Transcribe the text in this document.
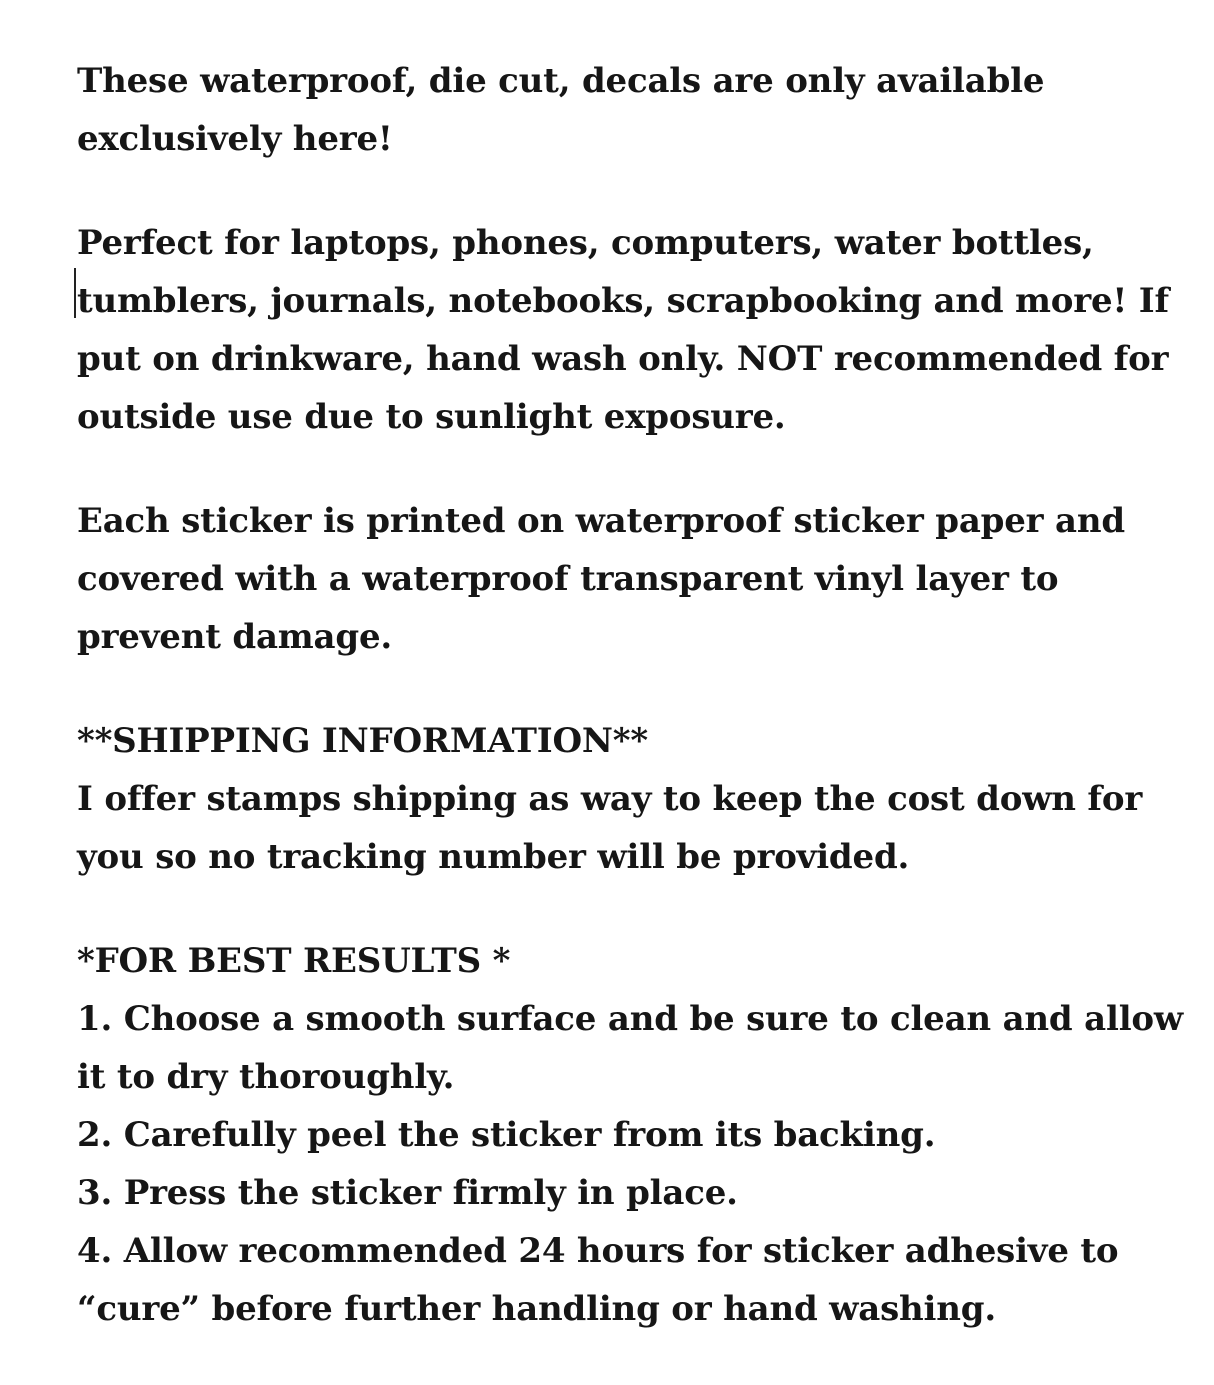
These waterproof, die cut, decals are only available
exclusively here!
Perfect for laptops, phones, computers, water bottles,
tumblers, journals, notebooks, scrapbooking and more! If
put on drinkware, hand wash only. NOT recommended for
outside use due to sunlight exposure.
Each sticker is printed on waterproof sticker paper and
covered with a waterproof transparent vinyl layer to
prevent damage.
**SHIPPING INFORMATION**
I offer stamps shipping as way to keep the cost down for
you so no tracking number will be provided.
*FOR BEST RESULTS *
1. Choose a smooth surface and be sure to clean and allow
it to dry thoroughly.
2. Carefully peel the sticker from its backing.
3. Press the sticker firmly in place.
4. Allow recommended 24 hours for sticker adhesive to
“cure” before further handling or hand washing.
